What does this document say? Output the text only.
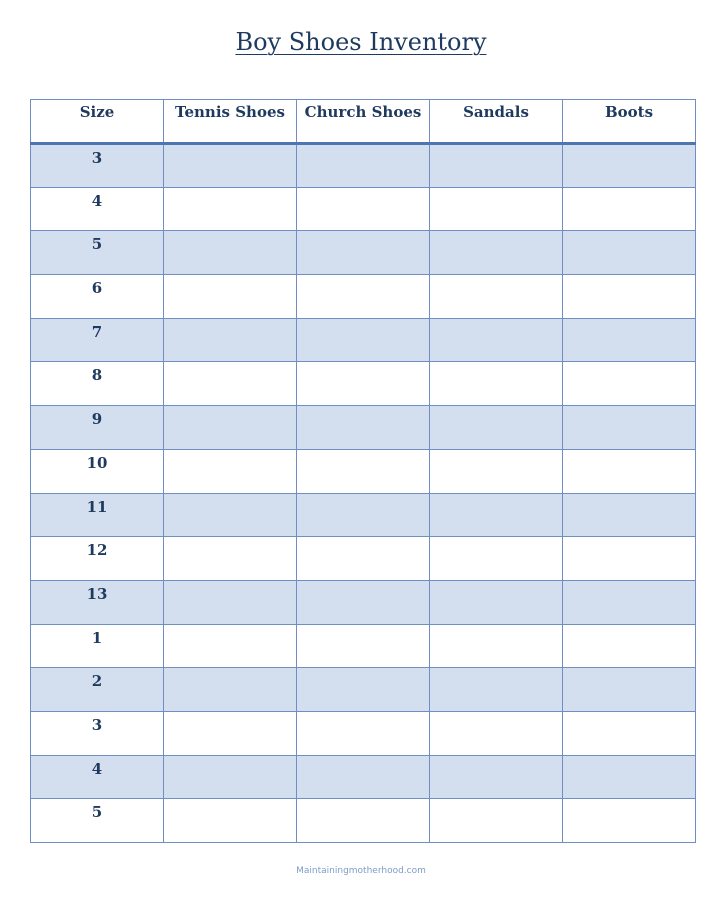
Boy Shoes Inventory
Size	Tennis Shoes	Church Shoes	Sandals	Boots
3				
4				
5				
6				
7				
8				
9				
10				
11				
12				
13				
1				
2				
3				
4				
5				
Maintainingmotherhood.com
